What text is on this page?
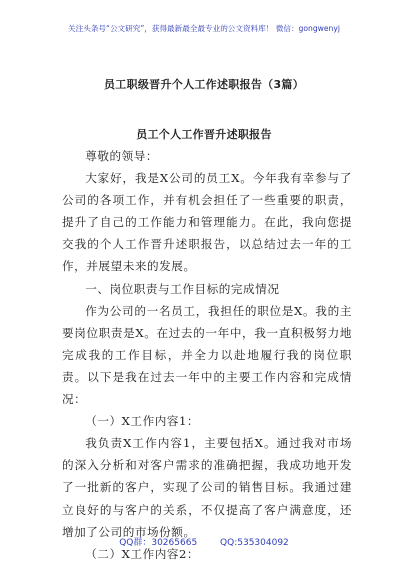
关注头条号“公文研究”，获得最新最全最专业的公文资料库！ 微信：gongwenyj
员工职级晋升个人工作述职报告（3篇）
员工个人工作晋升述职报告

尊敬的领导：

大家好，我是X公司的员工X。今年我有幸参与了公司的各项工作，并有机会担任了一些重要的职责，提升了自己的工作能力和管理能力。在此，我向您提交我的个人工作晋升述职报告，以总结过去一年的工作，并展望未来的发展。

一、岗位职责与工作目标的完成情况

作为公司的一名员工，我担任的职位是X。我的主要岗位职责是X。在过去的一年中，我一直积极努力地完成我的工作目标，并全力以赴地履行我的岗位职责。以下是我在过去一年中的主要工作内容和完成情况：

（一）X工作内容1：

我负责X工作内容1，主要包括X。通过我对市场的深入分析和对客户需求的准确把握，我成功地开发了一批新的客户，实现了公司的销售目标。我通过建立良好的与客户的关系，不仅提高了客户满意度，还增加了公司的市场份额。

（二）X工作内容2：

QQ群：30265665	QQ:535304092
